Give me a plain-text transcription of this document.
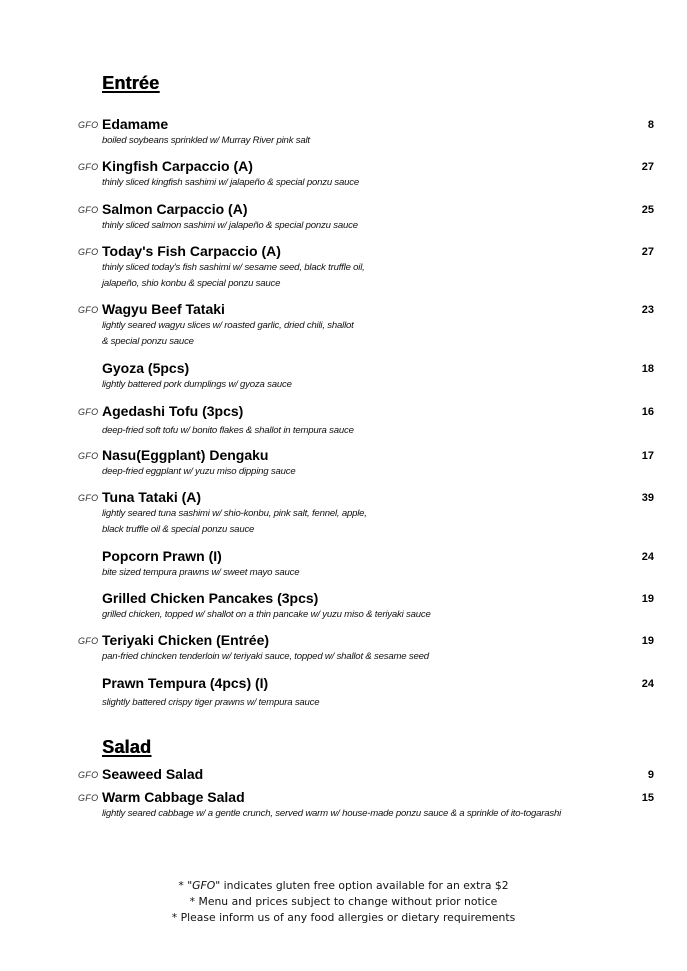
Entrée
GFO Edamame	8
boiled soybeans sprinkled w/ Murray River pink salt
GFO Kingfish Carpaccio (A)	27
thinly sliced kingfish sashimi w/ jalapeño & special ponzu sauce
GFO Salmon Carpaccio (A)	25
thinly sliced salmon sashimi w/ jalapeño & special ponzu sauce
GFO Today's Fish Carpaccio (A)	27
thinly sliced today's fish sashimi w/ sesame seed, black truffle oil,
jalapeño, shio konbu & special ponzu sauce
GFO Wagyu Beef Tataki	23
lightly seared wagyu slices w/ roasted garlic, dried chili, shallot
& special ponzu sauce
Gyoza (5pcs)	18
lightly battered pork dumplings w/ gyoza sauce
GFO Agedashi Tofu (3pcs)	16
deep-fried soft tofu w/ bonito flakes & shallot in tempura sauce
GFO Nasu(Eggplant) Dengaku	17
deep-fried eggplant w/ yuzu miso dipping sauce
GFO Tuna Tataki (A)	39
lightly seared tuna sashimi w/ shio-konbu, pink salt, fennel, apple,
black truffle oil & special ponzu sauce
Popcorn Prawn (I)	24
bite sized tempura prawns w/ sweet mayo sauce
Grilled Chicken Pancakes (3pcs)	19
grilled chicken, topped w/ shallot on a thin pancake w/ yuzu miso & teriyaki sauce
GFO Teriyaki Chicken (Entrée)	19
pan-fried chincken tenderloin w/ teriyaki sauce, topped w/ shallot & sesame seed
Prawn Tempura (4pcs) (I)	24
slightly battered crispy tiger prawns w/ tempura sauce
Salad
GFO Seaweed Salad	9
GFO Warm Cabbage Salad	15
lightly seared cabbage w/ a gentle crunch, served warm w/ house-made ponzu sauce & a sprinkle of ito-togarashi
* "GFO" indicates gluten free option available for an extra $2
* Menu and prices subject to change without prior notice
* Please inform us of any food allergies or dietary requirements
